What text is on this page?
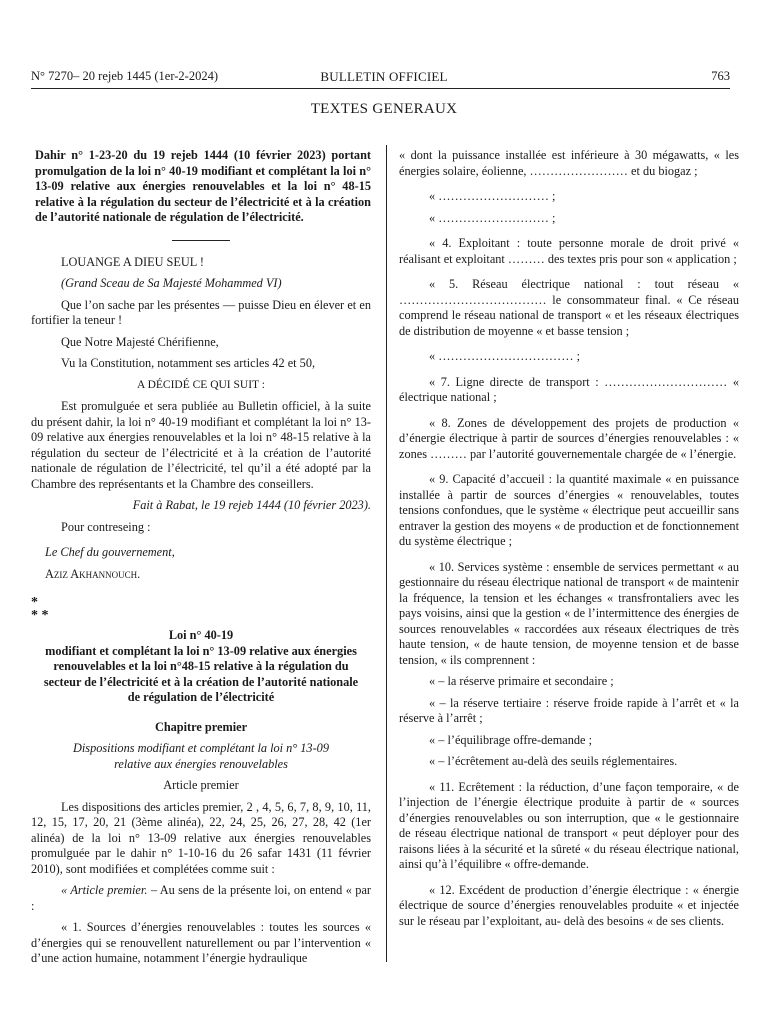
N° 7270– 20 rejeb 1445 (1er-2-2024)	BULLETIN OFFICIEL	763
TEXTES GENERAUX

Dahir n° 1-23-20 du 19 rejeb 1444 (10 février 2023) portant promulgation de la loi n° 40-19 modifiant et complétant la loi n° 13-09 relative aux énergies renouvelables et la loi n° 48-15 relative à la régulation du secteur de l’électricité et à la création de l’autorité nationale de régulation de l’électricité.

LOUANGE A DIEU SEUL !

(Grand Sceau de Sa Majesté Mohammed VI)

Que l’on sache par les présentes — puisse Dieu en élever et en fortifier la teneur !

Que Notre Majesté Chérifienne,

Vu la Constitution, notamment ses articles 42 et 50,

A DÉCIDÉ CE QUI SUIT :

Est promulguée et sera publiée au Bulletin officiel, à la suite du présent dahir, la loi n° 40-19 modifiant et complétant la loi n° 13-09 relative aux énergies renouvelables et la loi n° 48-15 relative à la régulation du secteur de l’électricité et à la création de l’autorité nationale de régulation de l’électricité, tel qu’il a été adopté par la Chambre des représentants et la Chambre des conseillers.

Fait à Rabat, le 19 rejeb 1444 (10 février 2023).

Pour contreseing :

Le Chef du gouvernement,

Aziz Akhannouch.

*

* *

Loi n° 40-19

modifiant et complétant la loi n° 13-09 relative aux énergies renouvelables et la loi n°48-15 relative à la régulation du secteur de l’électricité et à la création de l’autorité nationale de régulation de l’électricité

Chapitre premier

Dispositions modifiant et complétant la loi n° 13-09 relative aux énergies renouvelables

Article premier

Les dispositions des articles premier, 2 , 4, 5, 6, 7, 8, 9, 10, 11, 12, 15, 17, 20, 21 (3ème alinéa), 22, 24, 25, 26, 27, 28, 42 (1er alinéa) de la loi n° 13-09 relative aux énergies renouvelables promulguée par le dahir n° 1-10-16 du 26 safar 1431 (11 février 2010), sont modifiées et complétées comme suit :

« Article premier. – Au sens de la présente loi, on entend « par :

« 1. Sources d’énergies renouvelables : toutes les sources « d’énergies qui se renouvellent naturellement ou par l’intervention « d’une action humaine, notamment l’énergie hydraulique

« dont la puissance installée est inférieure à 30 mégawatts, « les énergies solaire, éolienne, …………………… et du biogaz ;

« ……………………… ;

« ……………………… ;

« 4. Exploitant : toute personne morale de droit privé « réalisant et exploitant ……… des textes pris pour son « application ;

« 5. Réseau électrique national : tout réseau « ……………………………… le consommateur final. « Ce réseau comprend le réseau national de transport « et les réseaux électriques de distribution de moyenne « et basse tension ;

« …………………………… ;

« 7. Ligne directe de transport : ………………………… « électrique national ;

« 8. Zones de développement des projets de production « d’énergie électrique à partir de sources d’énergies renouvelables : « zones ……… par l’autorité gouvernementale chargée de « l’énergie.

« 9. Capacité d’accueil : la quantité maximale « en puissance installée à partir de sources d’énergies « renouvelables, toutes tensions confondues, que le système « électrique peut accueillir sans entraver la gestion des moyens « de production et de fonctionnement du système électrique ;

« 10. Services système : ensemble de services permettant « au gestionnaire du réseau électrique national de transport « de maintenir la fréquence, la tension et les échanges « transfrontaliers avec les pays voisins, ainsi que la gestion « de l’intermittence des énergies de sources renouvelables « raccordées aux réseaux électriques de très haute tension, « de haute tension, de moyenne tension et de basse tension, « ils comprennent :

« – la réserve primaire et secondaire ;

« – la réserve tertiaire : réserve froide rapide à l’arrêt et « la réserve à l’arrêt ;

« – l’équilibrage offre-demande ;

« – l’écrêtement au-delà des seuils réglementaires.

« 11. Ecrêtement : la réduction, d’une façon temporaire, « de l’injection de l’énergie électrique produite à partir de « sources d’énergies renouvelables ou son interruption, que « le gestionnaire de réseau électrique national de transport « peut déployer pour des raisons liées à la sécurité et la sûreté « du réseau électrique national, ainsi qu’à l’équilibre « offre-demande.

« 12. Excédent de production d’énergie électrique : « énergie électrique de source d’énergies renouvelables produite « et injectée sur le réseau par l’exploitant, au- delà des besoins « de ses clients.
